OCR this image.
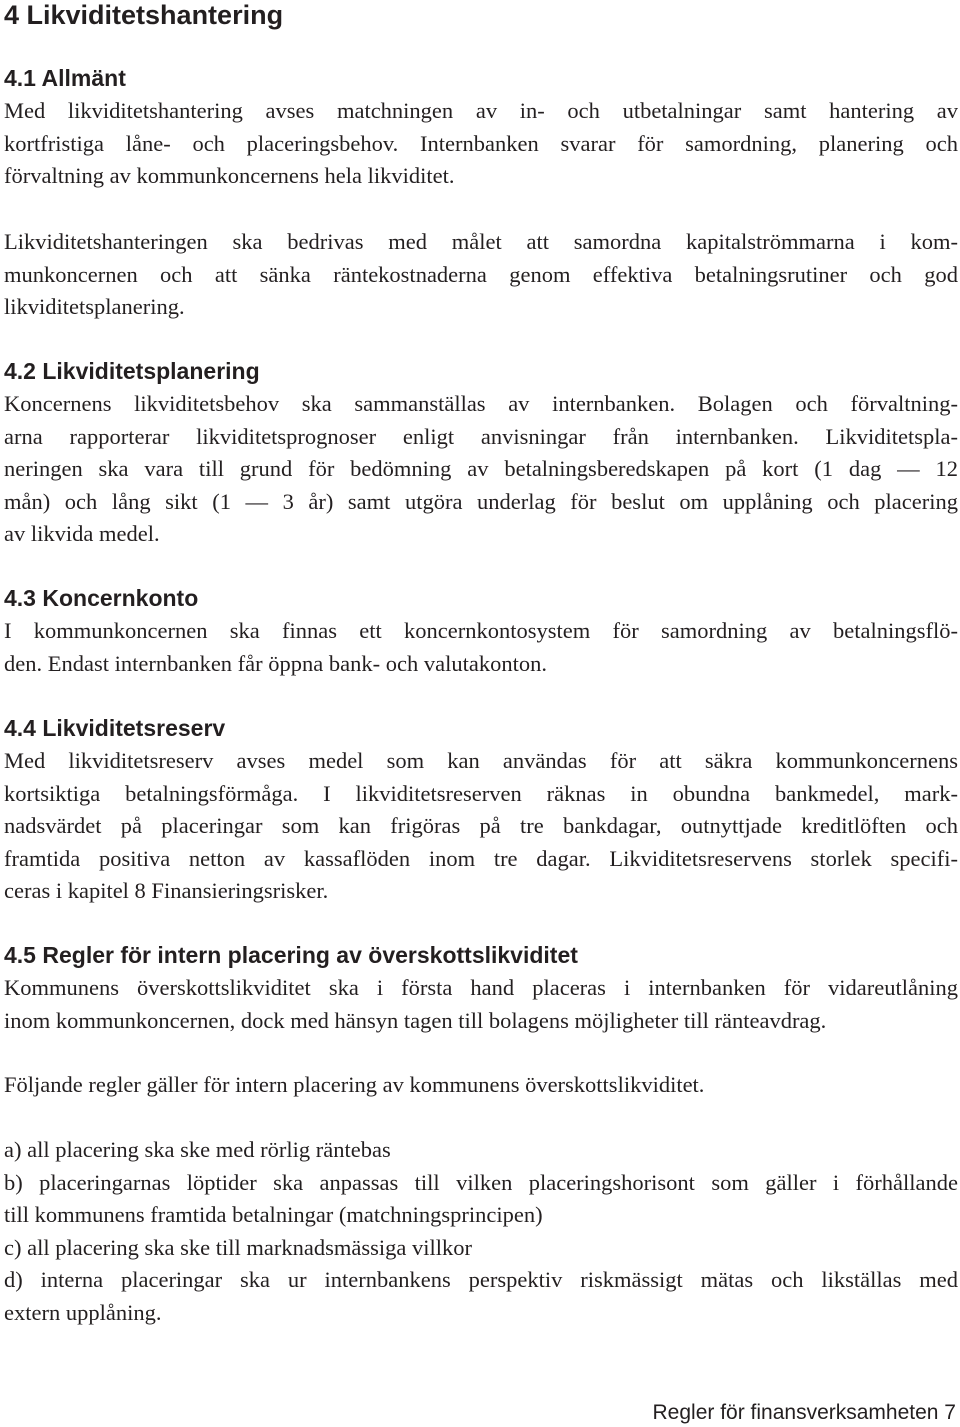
4 Likviditetshantering
4.1 Allmänt

Med likviditetshantering avses matchningen av in- och utbetalningar samt hantering av
kortfristiga låne- och placeringsbehov. Internbanken svarar för samordning, planering och
förvaltning av kommunkoncernens hela likviditet.

Likviditetshanteringen ska bedrivas med målet att samordna kapitalströmmarna i kom-
munkoncernen och att sänka räntekostnaderna genom effektiva betalningsrutiner och god
likviditetsplanering.

4.2 Likviditetsplanering

Koncernens likviditetsbehov ska sammanställas av internbanken. Bolagen och förvaltning-
arna rapporterar likviditetsprognoser enligt anvisningar från internbanken. Likviditetspla-
neringen ska vara till grund för bedömning av betalningsberedskapen på kort (1 dag — 12
mån) och lång sikt (1 — 3 år) samt utgöra underlag för beslut om upplåning och placering
av likvida medel.

4.3 Koncernkonto

I kommunkoncernen ska finnas ett koncernkontosystem för samordning av betalningsflö-
den. Endast internbanken får öppna bank- och valutakonton.

4.4 Likviditetsreserv

Med likviditetsreserv avses medel som kan användas för att säkra kommunkoncernens
kortsiktiga betalningsförmåga. I likviditetsreserven räknas in obundna bankmedel, mark-
nadsvärdet på placeringar som kan frigöras på tre bankdagar, outnyttjade kreditlöften och
framtida positiva netton av kassaflöden inom tre dagar. Likviditetsreservens storlek specifi-
ceras i kapitel 8 Finansieringsrisker.

4.5 Regler för intern placering av överskottslikviditet

Kommunens överskottslikviditet ska i första hand placeras i internbanken för vidareutlåning
inom kommunkoncernen, dock med hänsyn tagen till bolagens möjligheter till ränteavdrag.

Följande regler gäller för intern placering av kommunens överskottslikviditet.

a) all placering ska ske med rörlig räntebas
b) placeringarnas löptider ska anpassas till vilken placeringshorisont som gäller i förhållande
till kommunens framtida betalningar (matchningsprincipen)
c) all placering ska ske till marknadsmässiga villkor
d) interna placeringar ska ur internbankens perspektiv riskmässigt mätas och likställas med
extern upplåning.

Regler för finansverksamheten 7
